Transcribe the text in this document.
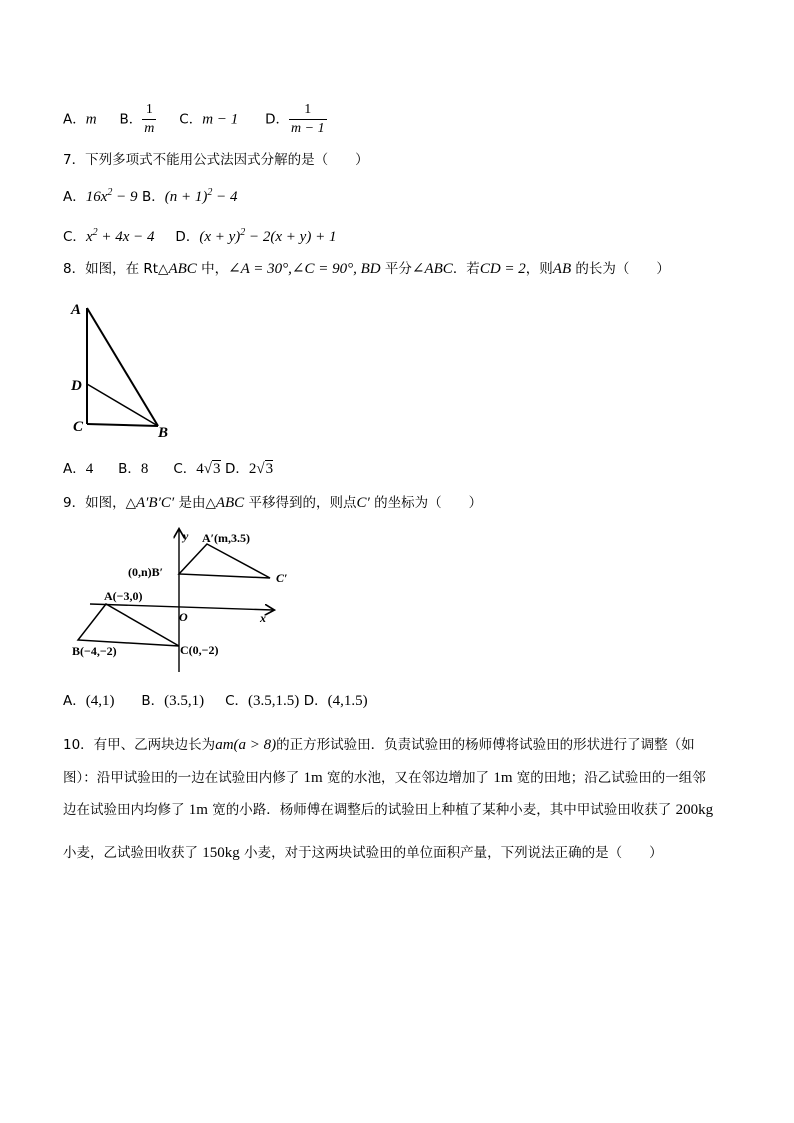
A．m B． $\frac{1}{m}$ C．m − 1 D． $\frac{1}{m - 1}$
7．下列多项式不能用公式法因式分解的是（　　）
A．$16x^2 - 9$ B．$(n + 1)^2 - 4$
C．$x^2 + 4x - 4$ D．$(x + y)^2 - 2(x + y) + 1$
8．如图，在 Rt△ABC 中，∠A = 30°,∠C = 90°, BD 平分∠ABC．若CD = 2，则AB 的长为（　　）
A
D
C	B
A．4 B．8 C．4√3 D．2√3
9．如图，△A′B′C′ 是由△ABC 平移得到的，则点C′ 的坐标为（　　）
y
x
O
A′(m,3.5)
(0,n)B′	C′
A(−3,0)
B(−4,−2)	C(0,−2)
A．(4,1) B．(3.5,1) C．(3.5,1.5) D．(4,1.5)
10．有甲、乙两块边长为am(a > 8)的正方形试验田．负责试验田的杨师傅将试验田的形状进行了调整（如
图）：沿甲试验田的一边在试验田内修了 1m 宽的水池，又在邻边增加了 1m 宽的田地；沿乙试验田的一组邻
边在试验田内均修了 1m 宽的小路．杨师傅在调整后的试验田上种植了某种小麦，其中甲试验田收获了 200kg
小麦，乙试验田收获了 150kg 小麦，对于这两块试验田的单位面积产量，下列说法正确的是（　　）
